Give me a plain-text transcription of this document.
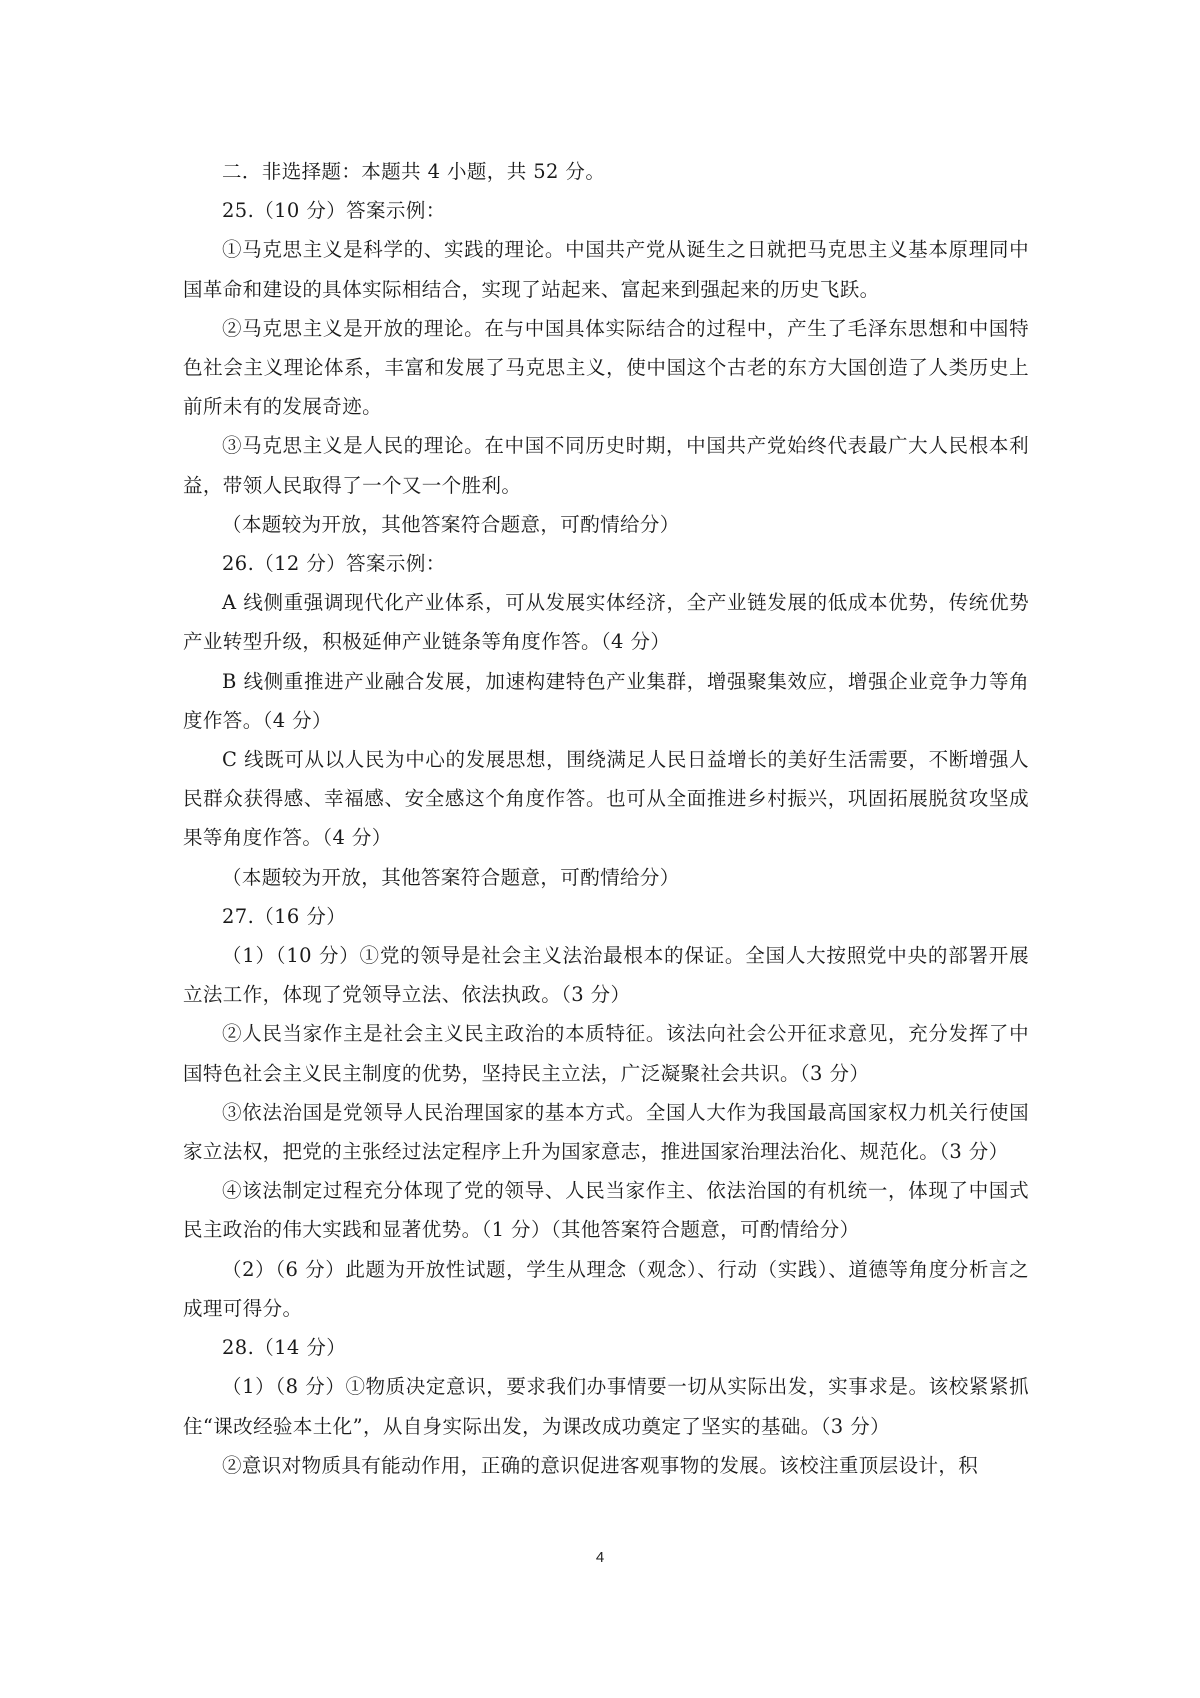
二．非选择题：本题共 4 小题，共 52 分。

25.（10 分）答案示例：

①马克思主义是科学的、实践的理论。中国共产党从诞生之日就把马克思主义基本原理同中国革命和建设的具体实际相结合，实现了站起来、富起来到强起来的历史飞跃。

②马克思主义是开放的理论。在与中国具体实际结合的过程中，产生了毛泽东思想和中国特色社会主义理论体系，丰富和发展了马克思主义，使中国这个古老的东方大国创造了人类历史上前所未有的发展奇迹。

③马克思主义是人民的理论。在中国不同历史时期，中国共产党始终代表最广大人民根本利益，带领人民取得了一个又一个胜利。

（本题较为开放，其他答案符合题意，可酌情给分）

26.（12 分）答案示例：

A 线侧重强调现代化产业体系，可从发展实体经济，全产业链发展的低成本优势，传统优势产业转型升级，积极延伸产业链条等角度作答。（4 分）

B 线侧重推进产业融合发展，加速构建特色产业集群，增强聚集效应，增强企业竞争力等角度作答。（4 分）

C 线既可从以人民为中心的发展思想，围绕满足人民日益增长的美好生活需要，不断增强人民群众获得感、幸福感、安全感这个角度作答。也可从全面推进乡村振兴，巩固拓展脱贫攻坚成果等角度作答。（4 分）

（本题较为开放，其他答案符合题意，可酌情给分）

27.（16 分）

（1）（10 分）①党的领导是社会主义法治最根本的保证。全国人大按照党中央的部署开展立法工作，体现了党领导立法、依法执政。（3 分）

②人民当家作主是社会主义民主政治的本质特征。该法向社会公开征求意见，充分发挥了中国特色社会主义民主制度的优势，坚持民主立法，广泛凝聚社会共识。（3 分）

③依法治国是党领导人民治理国家的基本方式。全国人大作为我国最高国家权力机关行使国家立法权，把党的主张经过法定程序上升为国家意志，推进国家治理法治化、规范化。（3 分）

④该法制定过程充分体现了党的领导、人民当家作主、依法治国的有机统一，体现了中国式民主政治的伟大实践和显著优势。（1 分）（其他答案符合题意，可酌情给分）

（2）（6 分）此题为开放性试题，学生从理念（观念）、行动（实践）、道德等角度分析言之成理可得分。

28.（14 分）

（1）（8 分）①物质决定意识，要求我们办事情要一切从实际出发，实事求是。该校紧紧抓住“课改经验本土化”，从自身实际出发，为课改成功奠定了坚实的基础。（3 分）

②意识对物质具有能动作用，正确的意识促进客观事物的发展。该校注重顶层设计，积

4
